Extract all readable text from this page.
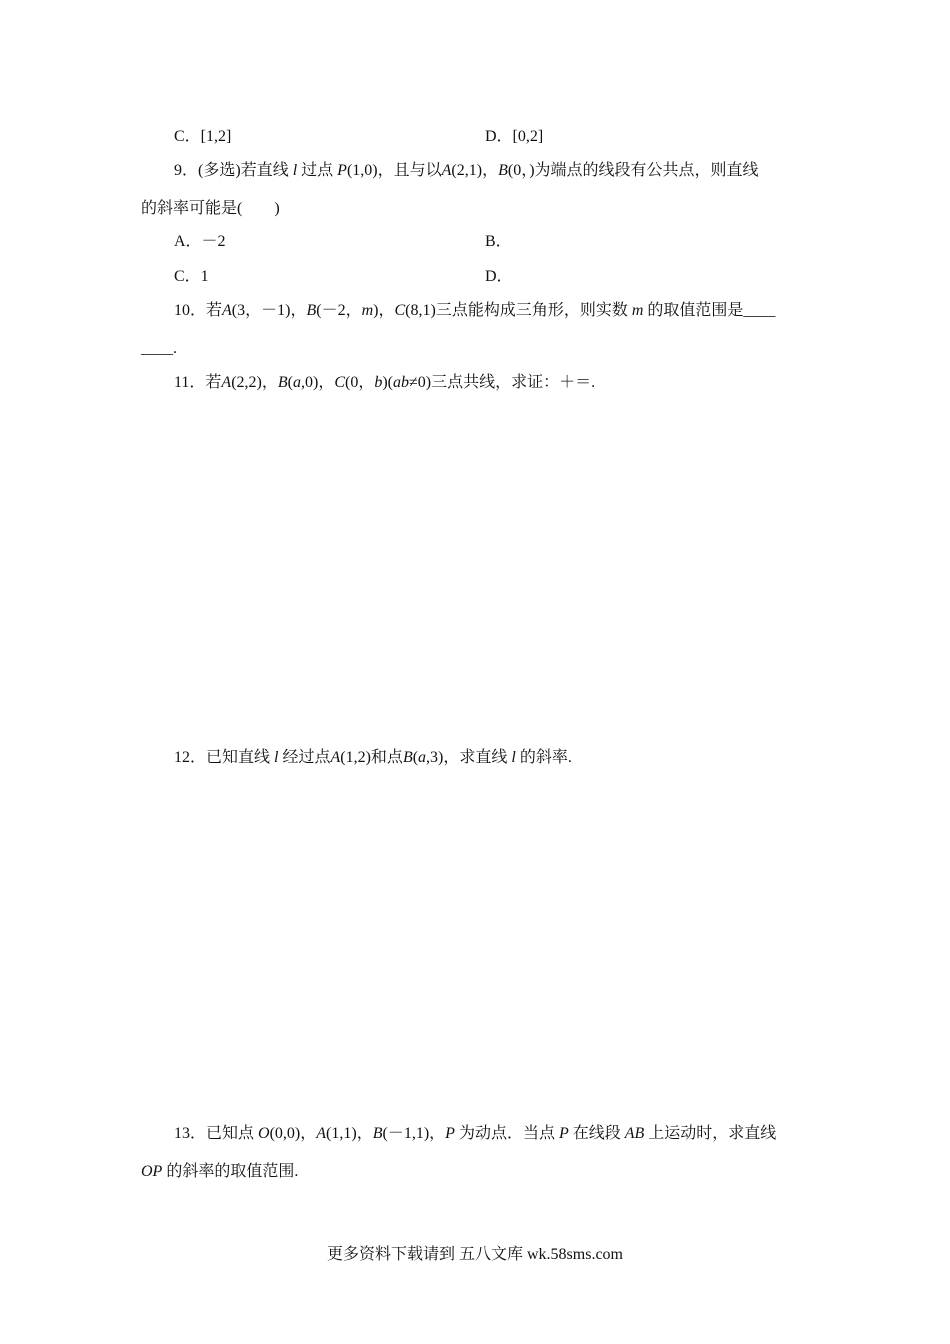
C．[1,2]	D．[0,2]
9．(多选)若直线 l 过点 P(1,0)，且与以A(2,1)，B(0，)为端点的线段有公共点，则直线
的斜率可能是(　　)
A．－2	B．
C．1	D．
10．若A(3，－1)，B(－2，m)，C(8,1)三点能构成三角形，则实数 m 的取值范围是____
____.
11．若A(2,2)，B(a,0)，C(0，b)(ab≠0)三点共线，求证：＋＝.
12．已知直线 l 经过点A(1,2)和点B(a,3)，求直线 l 的斜率.
13．已知点 O(0,0)，A(1,1)，B(－1,1)，P 为动点．当点 P 在线段 AB 上运动时，求直线
OP 的斜率的取值范围.
更多资料下载请到 五八文库 wk.58sms.com
